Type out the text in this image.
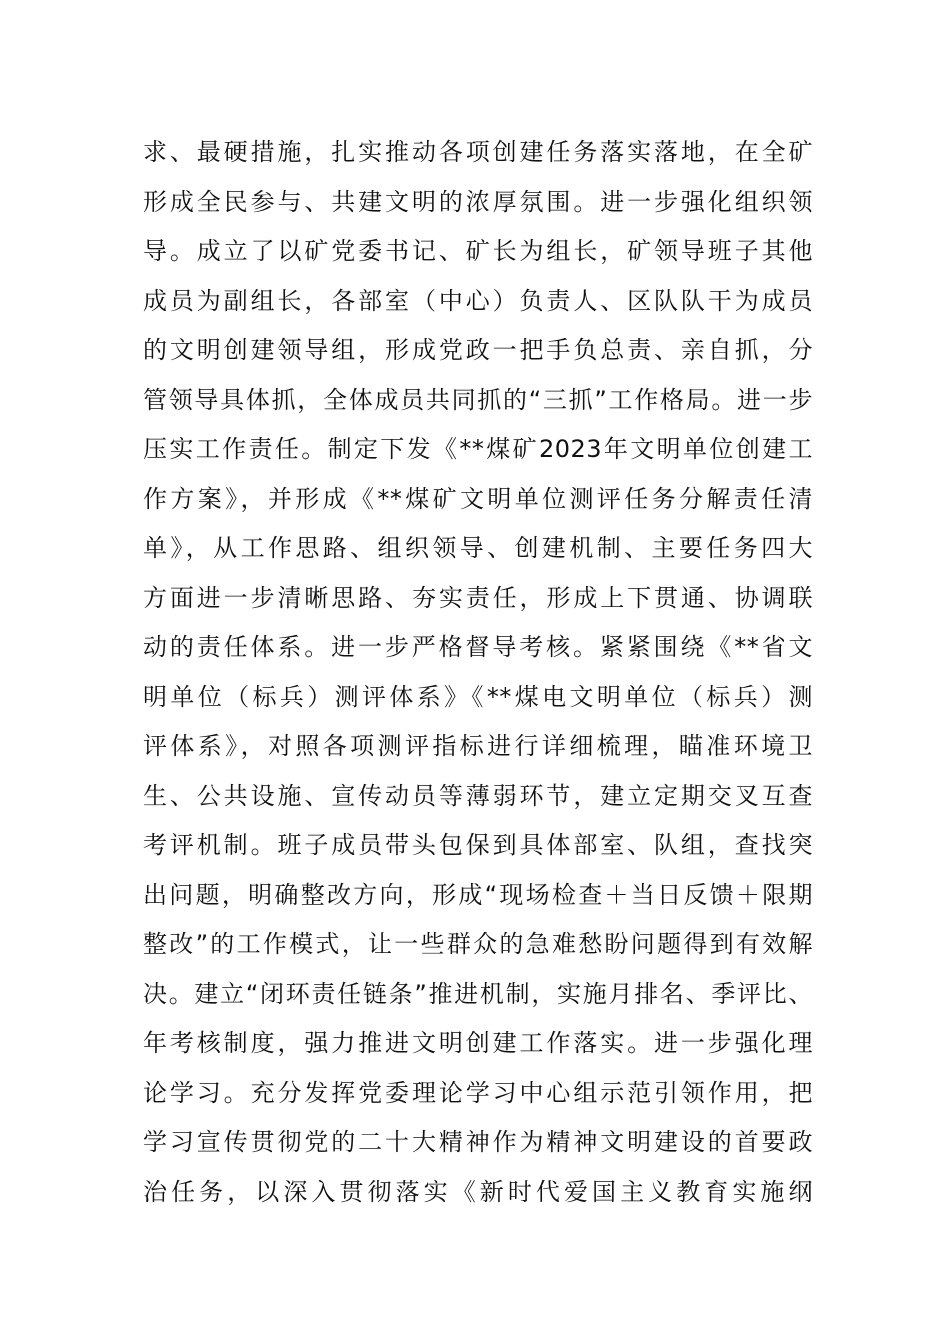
求、最硬措施，扎实推动各项创建任务落实落地，在全矿
形成全民参与、共建文明的浓厚氛围。进一步强化组织领
导。成立了以矿党委书记、矿长为组长，矿领导班子其他
成员为副组长，各部室（中心）负责人、区队队干为成员
的文明创建领导组，形成党政一把手负总责、亲自抓，分
管领导具体抓，全体成员共同抓的“三抓”工作格局。进一步
压实工作责任。制定下发《**煤矿2023年文明单位创建工
作方案》，并形成《**煤矿文明单位测评任务分解责任清
单》，从工作思路、组织领导、创建机制、主要任务四大
方面进一步清晰思路、夯实责任，形成上下贯通、协调联
动的责任体系。进一步严格督导考核。紧紧围绕《**省文
明单位（标兵）测评体系》《**煤电文明单位（标兵）测
评体系》，对照各项测评指标进行详细梳理，瞄准环境卫
生、公共设施、宣传动员等薄弱环节，建立定期交叉互查
考评机制。班子成员带头包保到具体部室、队组，查找突
出问题，明确整改方向，形成“现场检查＋当日反馈＋限期
整改”的工作模式，让一些群众的急难愁盼问题得到有效解
决。建立“闭环责任链条”推进机制，实施月排名、季评比、
年考核制度，强力推进文明创建工作落实。进一步强化理
论学习。充分发挥党委理论学习中心组示范引领作用，把
学习宣传贯彻党的二十大精神作为精神文明建设的首要政
治任务，以深入贯彻落实《新时代爱国主义教育实施纲
